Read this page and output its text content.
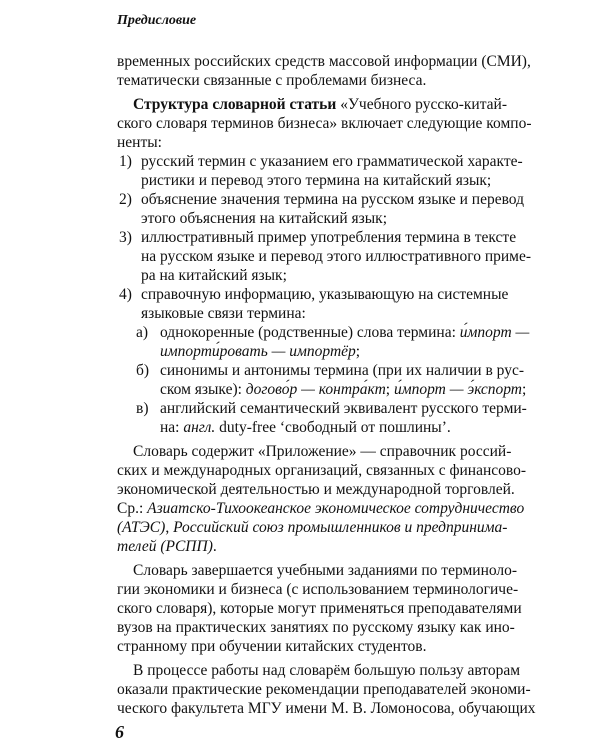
Предисловие
временных российских средств массовой информации (СМИ),
тематически связанные с проблемами бизнеса.
Структура словарной статьи «Учебного русско-китай-
ского словаря терминов бизнеса» включает следующие компо-
ненты:
1) русский термин с указанием его грамматической характе-
ристики и перевод этого термина на китайский язык;
2) объяснение значения термина на русском языке и перевод
этого объяснения на китайский язык;
3) иллюстративный пример употребления термина в тексте
на русском языке и перевод этого иллюстративного приме-
ра на китайский язык;
4) справочную информацию, указывающую на системные
языковые связи термина:
а) однокоренные (родственные) слова термина: и́мпорт —
импорти́ровать — импортёр;
б) синонимы и антонимы термина (при их наличии в рус-
ском языке): догово́р — контра́кт; и́мпорт — э́кспорт;
в) английский семантический эквивалент русского терми-
на: англ. duty-free ‘свободный от пошлины’.
Словарь содержит «Приложение» — справочник россий-
ских и международных организаций, связанных с финансово-
экономической деятельностью и международной торговлей.
Ср.: Азиатско-Тихоокеанское экономическое сотрудничество
(АТЭС), Российский союз промышленников и предпринима-
телей (РСПП).
Словарь завершается учебными заданиями по терминоло-
гии экономики и бизнеса (с использованием терминологиче-
ского словаря), которые могут применяться преподавателями
вузов на практических занятиях по русскому языку как ино-
странному при обучении китайских студентов.
В процессе работы над словарём большую пользу авторам
оказали практические рекомендации преподавателей экономи-
ческого факультета МГУ имени М. В. Ломоносова, обучающих
6
